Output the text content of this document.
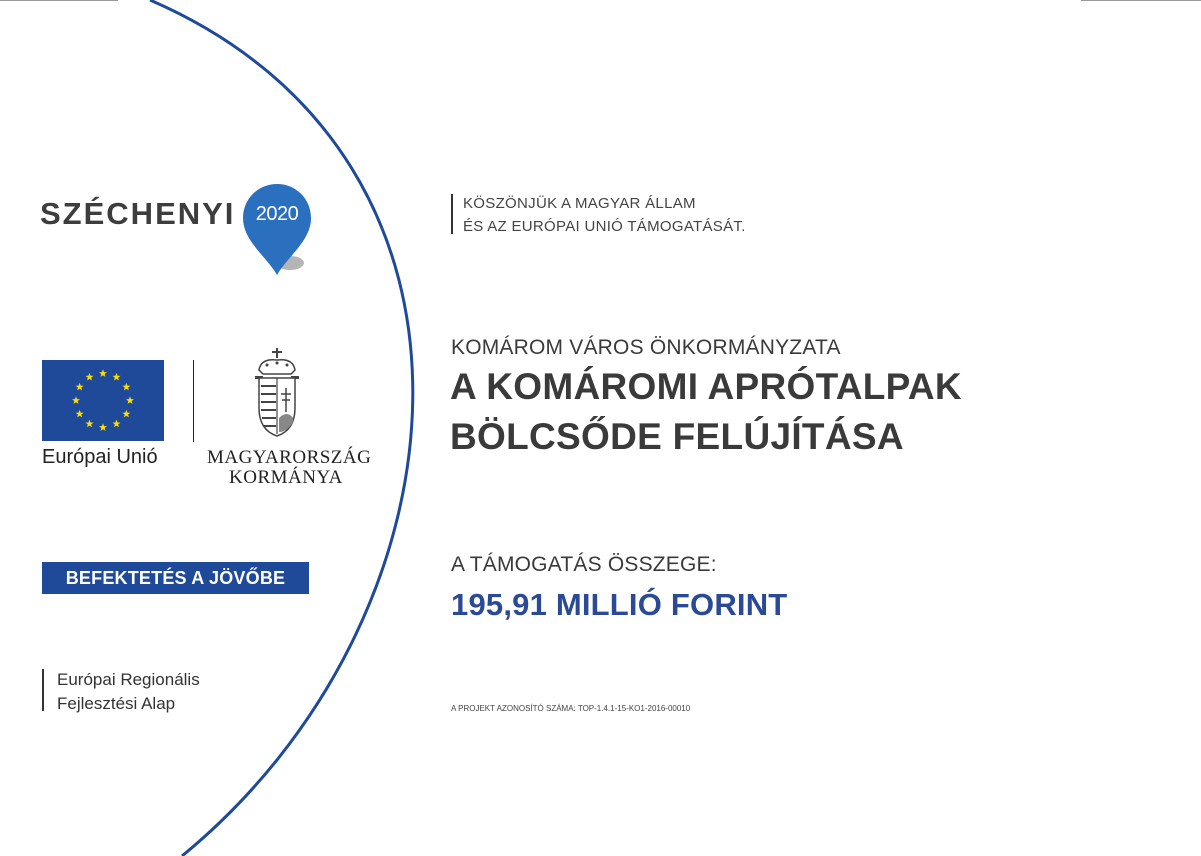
SZÉCHENYI	2020
Európai Unió	MAGYARORSZÁG
KORMÁNYA
BEFEKTETÉS A JÖVŐBE
Európai Regionális
Fejlesztési Alap
KÖSZÖNJÜK A MAGYAR ÁLLAM
ÉS AZ EURÓPAI UNIÓ TÁMOGATÁSÁT.
KOMÁROM VÁROS ÖNKORMÁNYZATA
A KOMÁROMI APRÓTALPAK
BÖLCSŐDE FELÚJÍTÁSA
A TÁMOGATÁS ÖSSZEGE:
195,91 MILLIÓ FORINT
A PROJEKT AZONOSÍTÓ SZÁMA: TOP-1.4.1-15-KO1-2016-00010
